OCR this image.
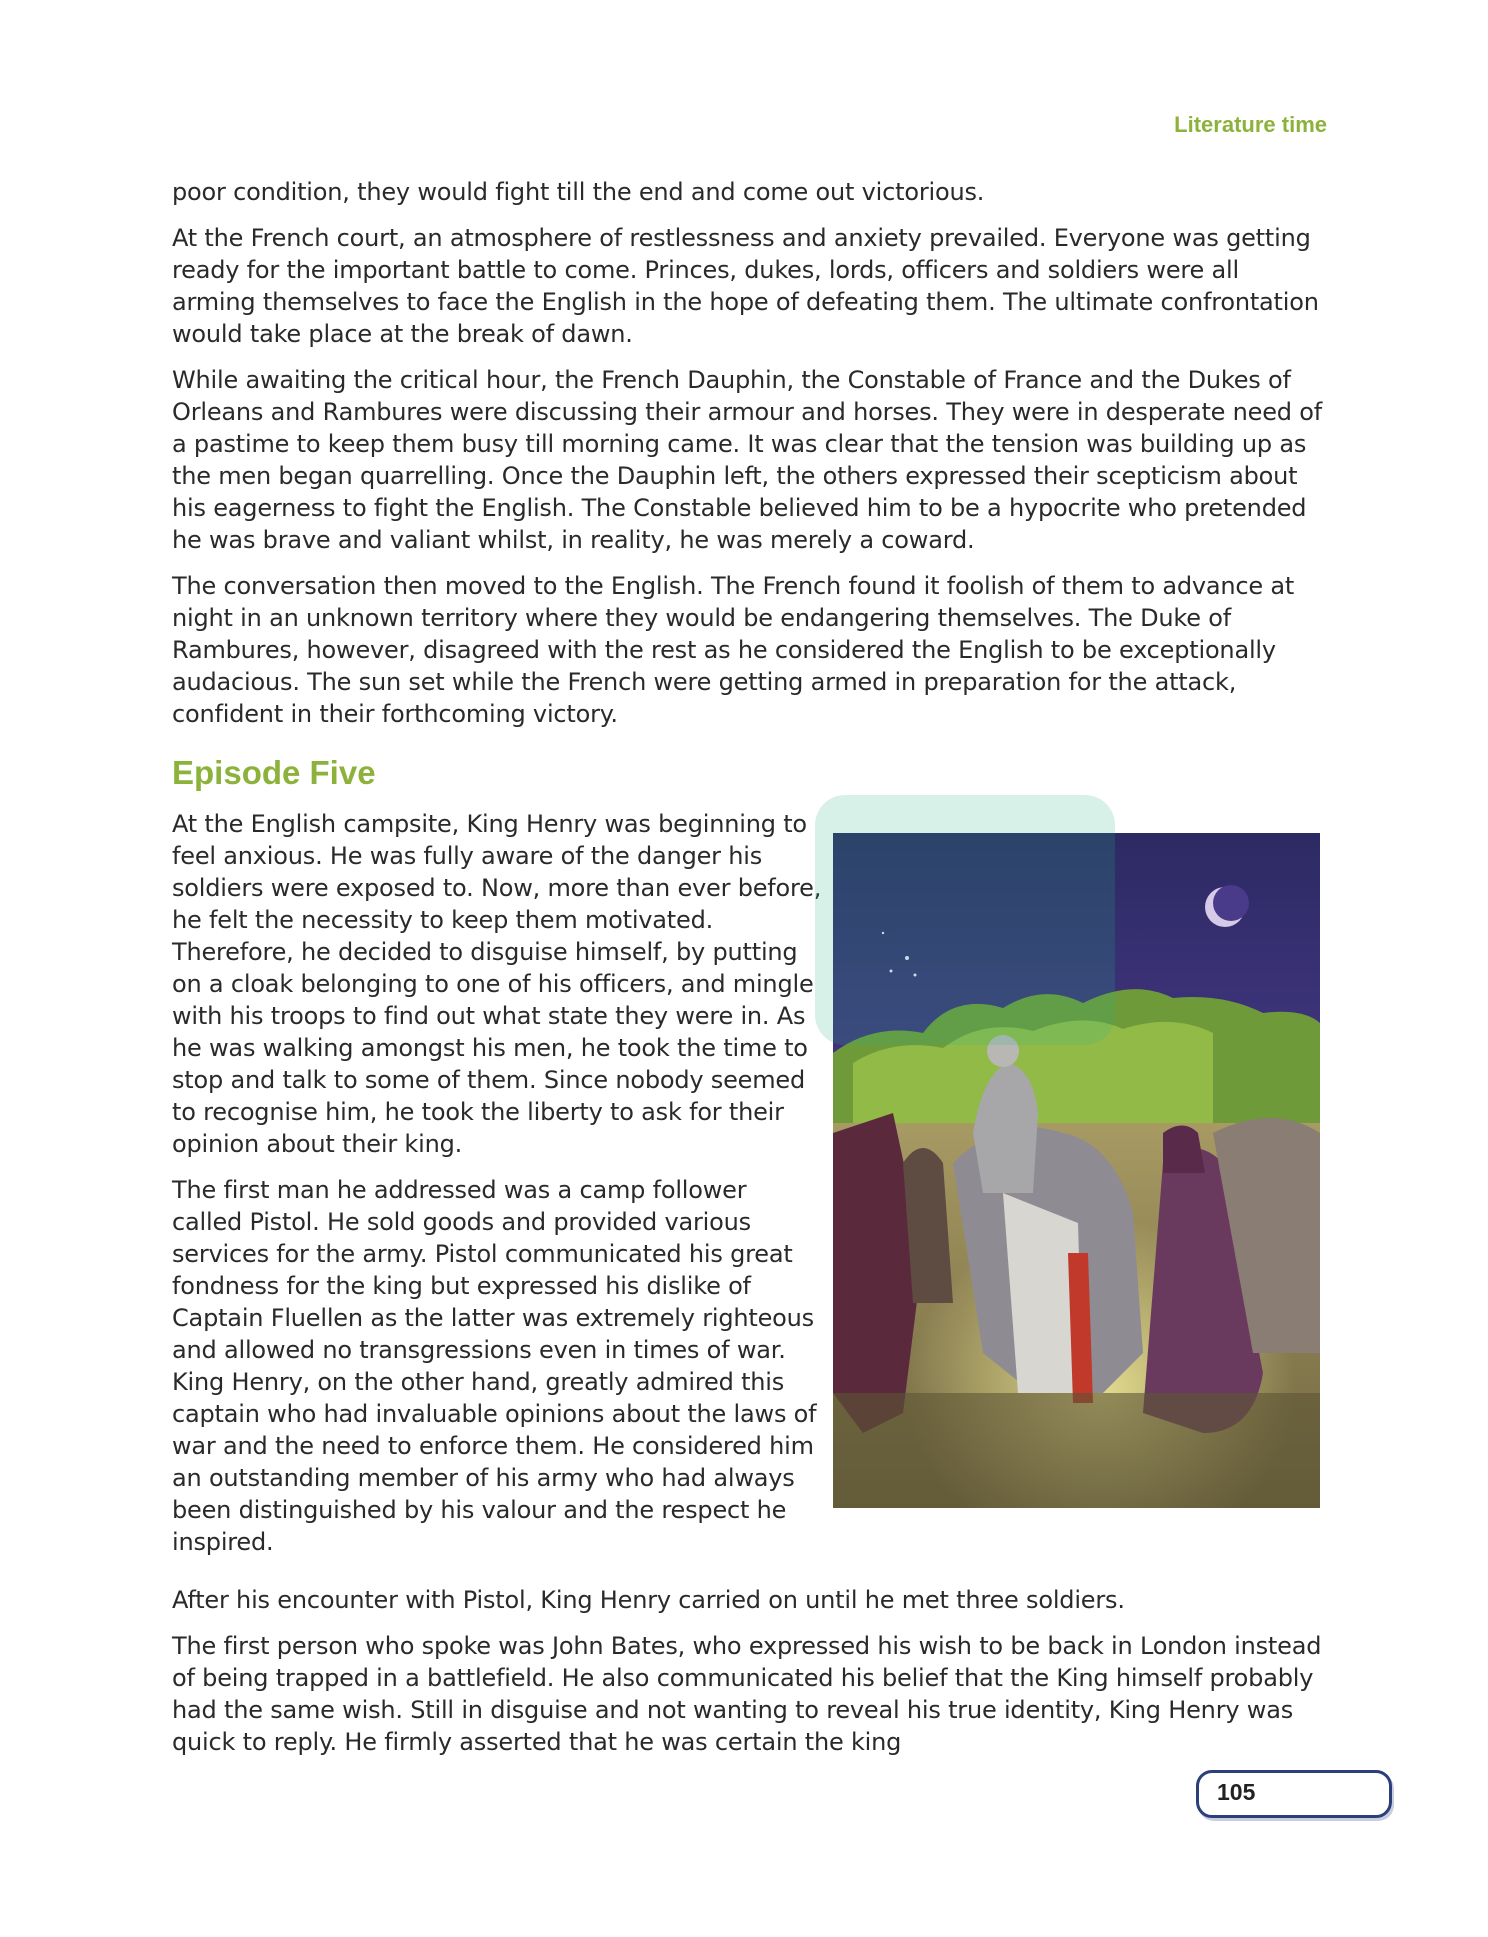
Literature time

poor condition, they would fight till the end and come out victorious.

At the French court, an atmosphere of restlessness and anxiety prevailed. Everyone was getting ready for the important battle to come. Princes, dukes, lords, officers and soldiers were all arming themselves to face the English in the hope of defeating them. The ultimate confrontation would take place at the break of dawn.

While awaiting the critical hour, the French Dauphin, the Constable of France and the Dukes of Orleans and Rambures were discussing their armour and horses. They were in desperate need of a pastime to keep them busy till morning came. It was clear that the tension was building up as the men began quarrelling. Once the Dauphin left, the others expressed their scepticism about his eagerness to fight the English. The Constable believed him to be a hypocrite who pretended he was brave and valiant whilst, in reality, he was merely a coward.

The conversation then moved to the English. The French found it foolish of them to advance at night in an unknown territory where they would be endangering themselves. The Duke of Rambures, however, disagreed with the rest as he considered the English to be exceptionally audacious. The sun set while the French were getting armed in preparation for the attack, confident in their forthcoming victory.

Episode Five

At the English campsite, King Henry was beginning to feel anxious. He was fully aware of the danger his soldiers were exposed to. Now, more than ever before, he felt the necessity to keep them motivated. Therefore, he decided to disguise himself, by putting on a cloak belonging to one of his officers, and mingle with his troops to find out what state they were in. As he was walking amongst his men, he took the time to stop and talk to some of them. Since nobody seemed to recognise him, he took the liberty to ask for their opinion about their king.

The first man he addressed was a camp follower called Pistol. He sold goods and provided various services for the army. Pistol communicated his great fondness for the king but expressed his dislike of Captain Fluellen as the latter was extremely righteous and allowed no transgressions even in times of war. King Henry, on the other hand, greatly admired this captain who had invaluable opinions about the laws of war and the need to enforce them. He considered him an outstanding member of his army who had always been distinguished by his valour and the respect he inspired.

After his encounter with Pistol, King Henry carried on until he met three soldiers.

The first person who spoke was John Bates, who expressed his wish to be back in London instead of being trapped in a battlefield. He also communicated his belief that the King himself probably had the same wish. Still in disguise and not wanting to reveal his true identity, King Henry was quick to reply. He firmly asserted that he was certain the king

105
